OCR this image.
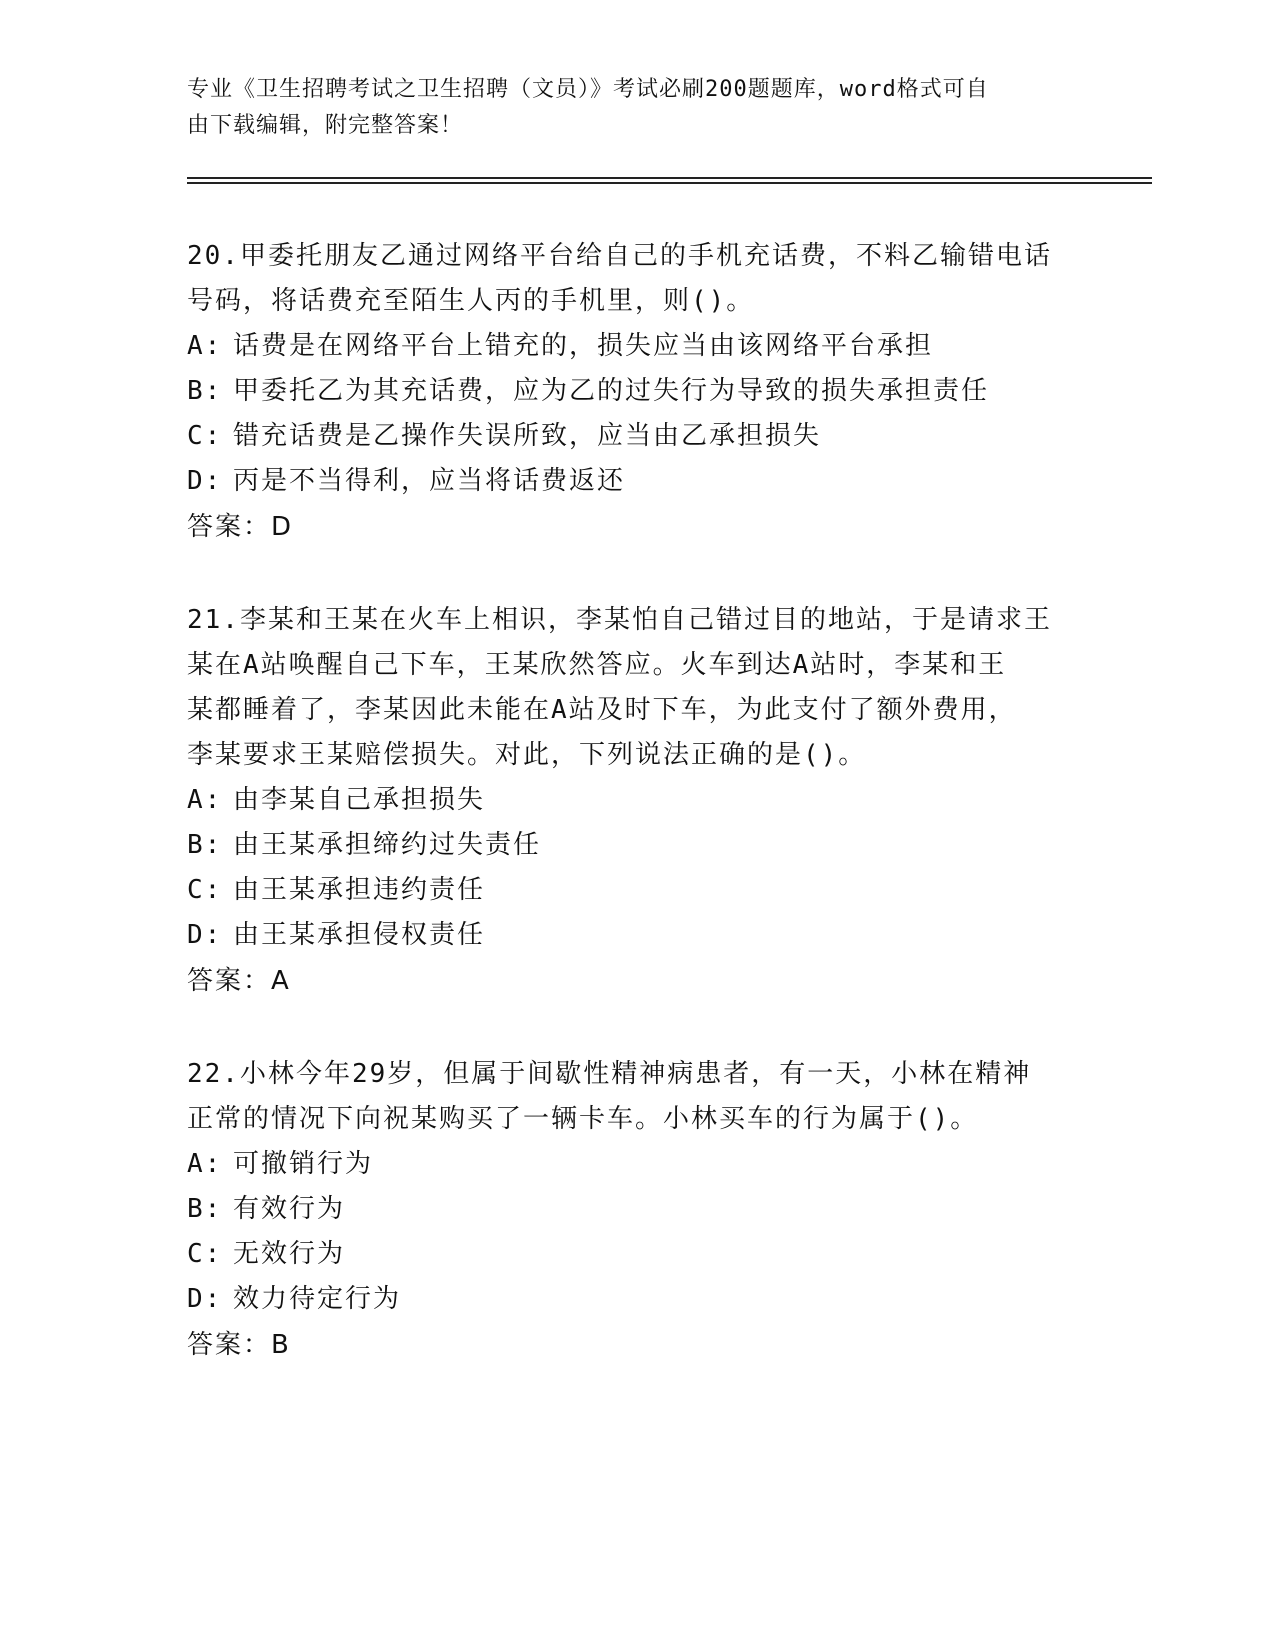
专业《卫生招聘考试之卫生招聘（文员）》考试必刷200题题库，word格式可自
由下载编辑，附完整答案！

20.甲委托朋友乙通过网络平台给自己的手机充话费，不料乙输错电话

号码，将话费充至陌生人丙的手机里，则()。

A: 话费是在网络平台上错充的，损失应当由该网络平台承担
B: 甲委托乙为其充话费，应为乙的过失行为导致的损失承担责任
C: 错充话费是乙操作失误所致，应当由乙承担损失
D: 丙是不当得利，应当将话费返还

答案：D

21.李某和王某在火车上相识，李某怕自己错过目的地站，于是请求王

某在A站唤醒自己下车，王某欣然答应。火车到达A站时，李某和王

某都睡着了，李某因此未能在A站及时下车，为此支付了额外费用，

李某要求王某赔偿损失。对此，下列说法正确的是()。

A: 由李某自己承担损失
B: 由王某承担缔约过失责任
C: 由王某承担违约责任
D: 由王某承担侵权责任

答案：A

22.小林今年29岁，但属于间歇性精神病患者，有一天，小林在精神

正常的情况下向祝某购买了一辆卡车。小林买车的行为属于()。

A: 可撤销行为
B: 有效行为
C: 无效行为
D: 效力待定行为

答案：B
